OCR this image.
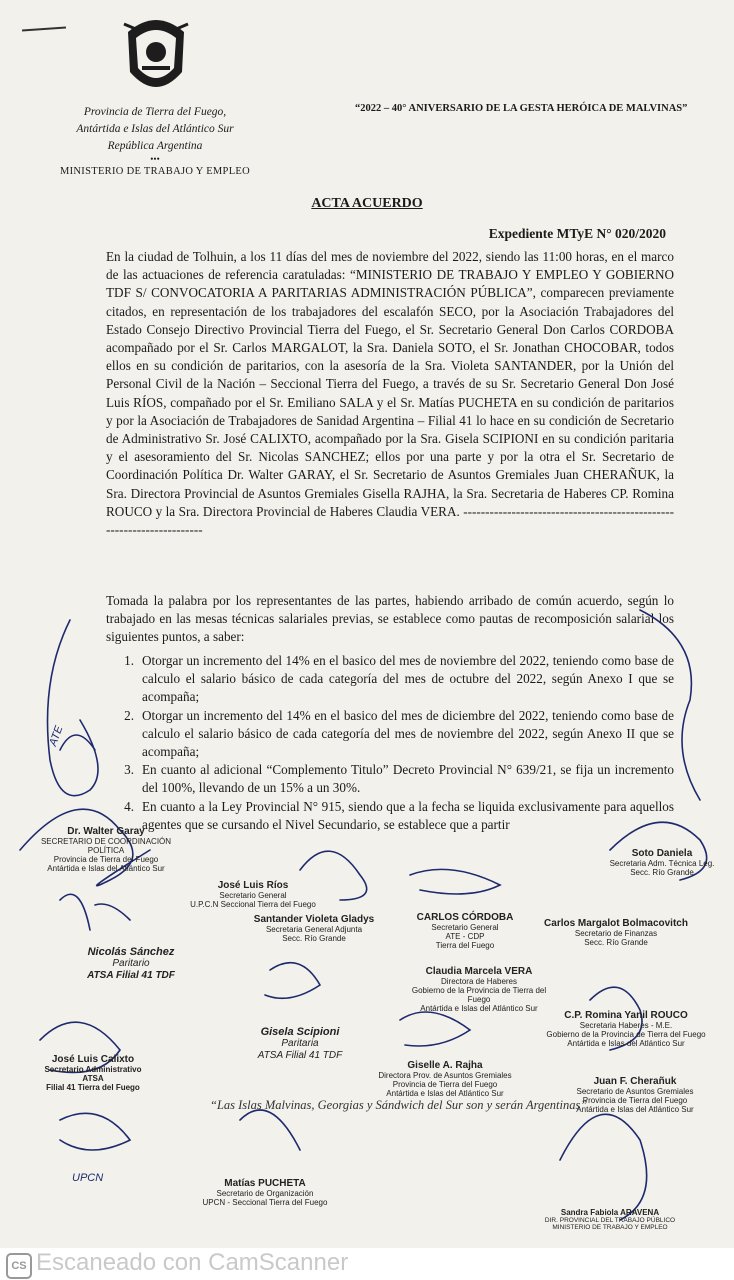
Provincia de Tierra del Fuego,
Antártida e Islas del Atlántico Sur
República Argentina
•••
MINISTERIO DE TRABAJO Y EMPLEO
“2022 – 40° ANIVERSARIO DE LA GESTA HERÓICA DE MALVINAS”
ACTA ACUERDO
Expediente MTyE N° 020/2020
En la ciudad de Tolhuin, a los 11 días del mes de noviembre del 2022, siendo las 11:00 horas, en el marco de las actuaciones de referencia caratuladas: “MINISTERIO DE TRABAJO Y EMPLEO Y GOBIERNO TDF S/ CONVOCATORIA A PARITARIAS ADMINISTRACIÓN PÚBLICA”, comparecen previamente citados, en representación de los trabajadores del escalafón SECO, por la Asociación Trabajadores del Estado Consejo Directivo Provincial Tierra del Fuego, el Sr. Secretario General Don Carlos CORDOBA acompañado por el Sr. Carlos MARGALOT, la Sra. Daniela SOTO, el Sr. Jonathan CHOCOBAR, todos ellos en su condición de paritarios, con la asesoría de la Sra. Violeta SANTANDER, por la Unión del Personal Civil de la Nación – Seccional Tierra del Fuego, a través de su Sr. Secretario General Don José Luis RÍOS, compañado por el Sr. Emiliano SALA y el Sr. Matías PUCHETA en su condición de paritarios y por la Asociación de Trabajadores de Sanidad Argentina – Filial 41 lo hace en su condición de Secretario de Administrativo Sr. José CALIXTO, acompañado por la Sra. Gisela SCIPIONI en su condición paritaria y el asesoramiento del Sr. Nicolas SANCHEZ; ellos por una parte y por la otra el Sr. Secretario de Coordinación Política Dr. Walter GARAY, el Sr. Secretario de Asuntos Gremiales Juan CHERAÑUK, la Sra. Directora Provincial de Asuntos Gremiales Gisella RAJHA, la Sra. Secretaria de Haberes CP. Romina ROUCO y la Sra. Directora Provincial de Haberes Claudia VERA. ----------------------------------------------------------------------
Tomada la palabra por los representantes de las partes, habiendo arribado de común acuerdo, según lo trabajado en las mesas técnicas salariales previas, se establece como pautas de recomposición salarial los siguientes puntos, a saber:
1. Otorgar un incremento del 14% en el basico del mes de noviembre del 2022, teniendo como base de calculo el salario básico de cada categoría del mes de octubre del 2022, según Anexo I que se acompaña;
2. Otorgar un incremento del 14% en el basico del mes de diciembre del 2022, teniendo como base de calculo el salario básico de cada categoría del mes de noviembre del 2022, según Anexo II que se acompaña;
3. En cuanto al adicional “Complemento Titulo” Decreto Provincial N° 639/21, se fija un incremento del 100%, llevando de un 15% a un 30%.
4. En cuanto a la Ley Provincial N° 915, siendo que a la fecha se liquida exclusivamente para aquellos agentes que se cursando el Nivel Secundario, se establece que a partir
Dr. Walter Garay
SECRETARIO DE COORDINACIÓN POLÍTICA
Provincia de Tierra del Fuego
Antártida e Islas del Atlántico Sur
Soto Daniela
Secretaria Adm. Técnica Leg.
Secc. Río Grande
José Luis Ríos
Secretario General
U.P.C.N Seccional Tierra del Fuego
Santander Violeta Gladys
Secretaria General Adjunta
Secc. Río Grande
CARLOS CÓRDOBA
Secretario General
ATE - CDP
Tierra del Fuego
Carlos Margalot Bolmacovitch
Secretario de Finanzas
Secc. Río Grande
Nicolás Sánchez
Paritario
ATSA Filial 41 TDF	Claudia Marcela VERA
Directora de Haberes
Gobierno de la Provincia de Tierra del Fuego
Antártida e Islas del Atlántico Sur
Gisela Scipioni
Paritaria
ATSA Filial 41 TDF
C.P. Romina Yanil ROUCO
Secretaria Haberes - M.E.
Gobierno de la Provincia de Tierra del Fuego
Antártida e Islas del Atlántico Sur
José Luis Calixto
Secretario Administrativo
ATSA
Filial 41 Tierra del Fuego
Giselle A. Rajha
Directora Prov. de Asuntos Gremiales
Provincia de Tierra del Fuego
Antártida e Islas del Atlántico Sur
Juan F. Cherañuk
Secretario de Asuntos Gremiales
Provincia de Tierra del Fuego
Antártida e Islas del Atlántico Sur
“Las Islas Malvinas, Georgias y Sándwich del Sur son y serán Argentinas”
UPCN
ATE
Matías PUCHETA
Secretario de Organización
UPCN - Seccional Tierra del Fuego
Sandra Fabiola ARAVENA
DIR. PROVINCIAL DEL TRABAJO PÚBLICO
MINISTERIO DE TRABAJO Y EMPLEO
CS Escaneado con CamScanner
